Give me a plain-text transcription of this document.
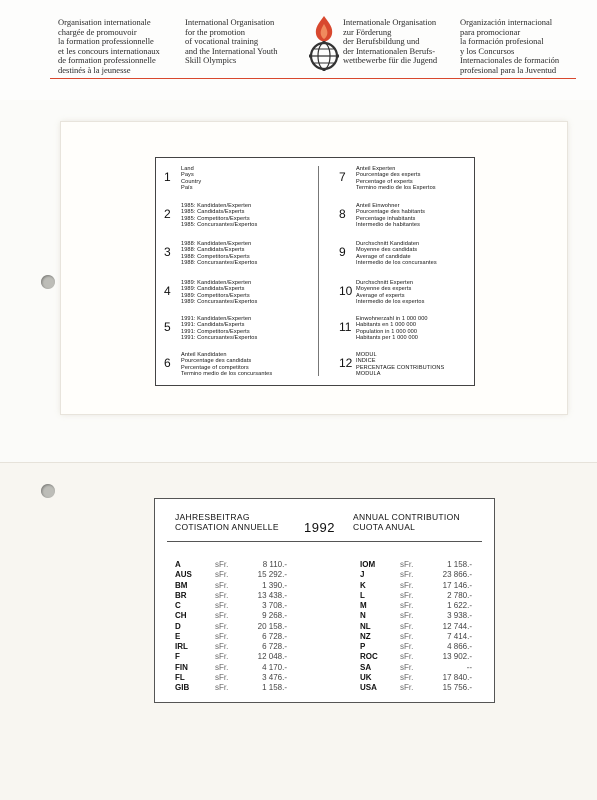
Organisation internationale
chargée de promouvoir
la formation professionnelle
et les concours internationaux
de formation professionnelle
destinés à la jeunesse
International Organisation
for the promotion
of vocational training
and the International Youth
Skill Olympics
Internationale Organisation
zur Förderung
der Berufsbildung und
der Internationalen Berufs-
wettbewerbe für die Jugend
Organización internacional
para promocionar
la formación profesional
y los Concursos
Internacionales de formación
profesional para la Juventud
1
Land
Pays
Country
País
2
1985: Kandidaten/Experten
1985: Candidats/Experts
1985: Competitors/Experts
1985: Concursantes/Expertos
3
1988: Kandidaten/Experten
1988: Candidats/Experts
1988: Competitors/Experts
1988: Concursantes/Expertos
4
1989: Kandidaten/Experten
1989: Candidats/Experts
1989: Competitors/Experts
1989: Concursantes/Expertos
5
1991: Kandidaten/Experten
1991: Candidats/Experts
1991: Competitors/Experts
1991: Concursantes/Expertos
6
Anteil Kandidaten
Pourcentage des candidats
Percentage of competitors
Termino medio de los concursantes
7
Anteil Experten
Pourcentage des experts
Percentage of experts
Termino medio de los Expertos
8
Anteil Einwohner
Pourcentage des habitants
Percentage inhabitants
Intermedio de habitantes
9
Durchschnitt Kandidaten
Moyenne des candidats
Average of candidate
Intermedio de los concursantes
10
Durchschnitt Experten
Moyenne des experts
Average of experts
Intermedio de los expertos
11
Einwohnerzahl in 1 000 000
Habitants en 1 000 000
Population in 1 000 000
Habitants per 1 000 000
12
MODUL
INDICE
PERCENTAGE CONTRIBUTIONS
MODULA
JAHRESBEITRAG
COTISATION ANNUELLE 1992
ANNUAL CONTRIBUTION
CUOTA ANUAL
A	sFr.	8 110.-
AUS	sFr.	15 292.-
BM	sFr.	1 390.-
BR	sFr.	13 438.-
C	sFr.	3 708.-
CH	sFr.	9 268.-
D	sFr.	20 158.-
E	sFr.	6 728.-
IRL	sFr.	6 728.-
F	sFr.	12 048.-
FIN	sFr.	4 170.-
FL	sFr.	3 476.-
GIB	sFr.	1 158.-
IOM	sFr.	1 158.-
J	sFr.	23 866.-
K	sFr.	17 146.-
L	sFr.	2 780.-
M	sFr.	1 622.-
N	sFr.	3 938.-
NL	sFr.	12 744.-
NZ	sFr.	7 414.-
P	sFr.	4 866.-
ROC	sFr.	13 902.-
SA	sFr.	--
UK	sFr.	17 840.-
USA	sFr.	15 756.-
